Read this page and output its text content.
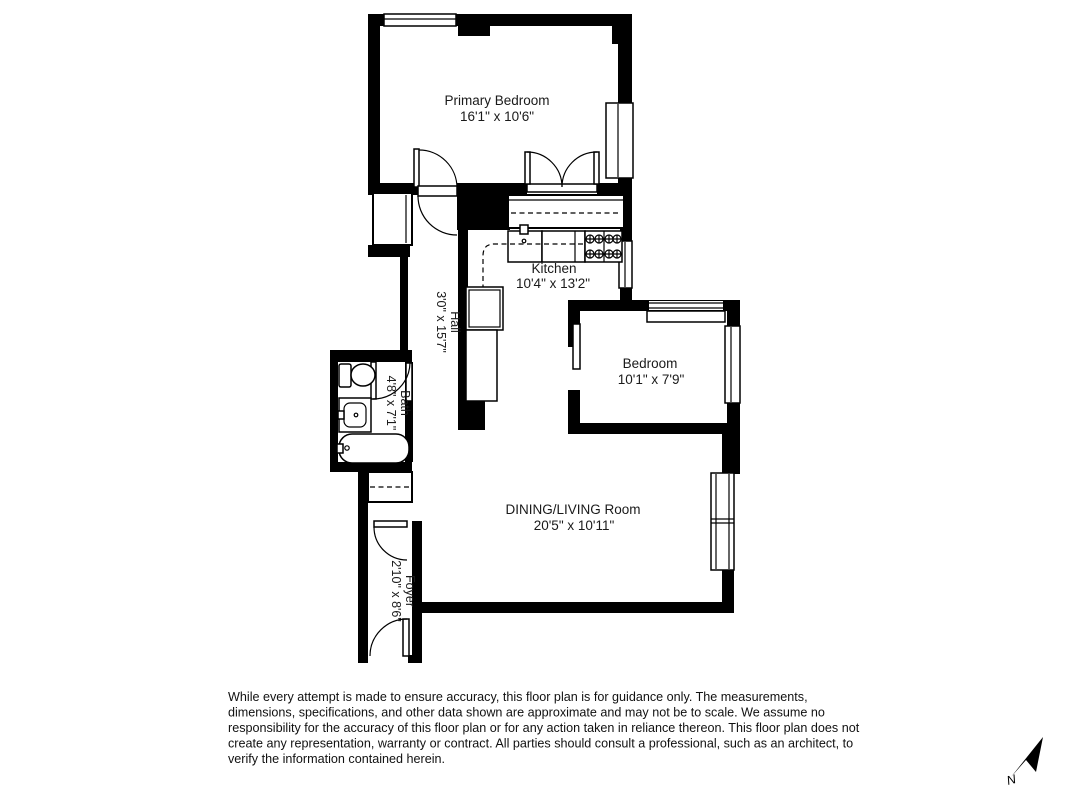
Primary Bedroom
16'1" x 10'6"
Kitchen
10'4" x 13'2"
Hall
3'0" x 15'7"
Bath
4'8" x 7'1"
Bedroom
10'1" x 7'9"
DINING/LIVING Room
20'5" x 10'11"
Foyer
2'10" x 8'6"
N
While every attempt is made to ensure accuracy, this floor plan is for guidance only. The measurements,
dimensions, specifications, and other data shown are approximate and may not be to scale. We assume no
responsibility for the accuracy of this floor plan or for any action taken in reliance thereon. This floor plan does not
create any representation, warranty or contract. All parties should consult a professional, such as an architect, to
verify the information contained herein.
